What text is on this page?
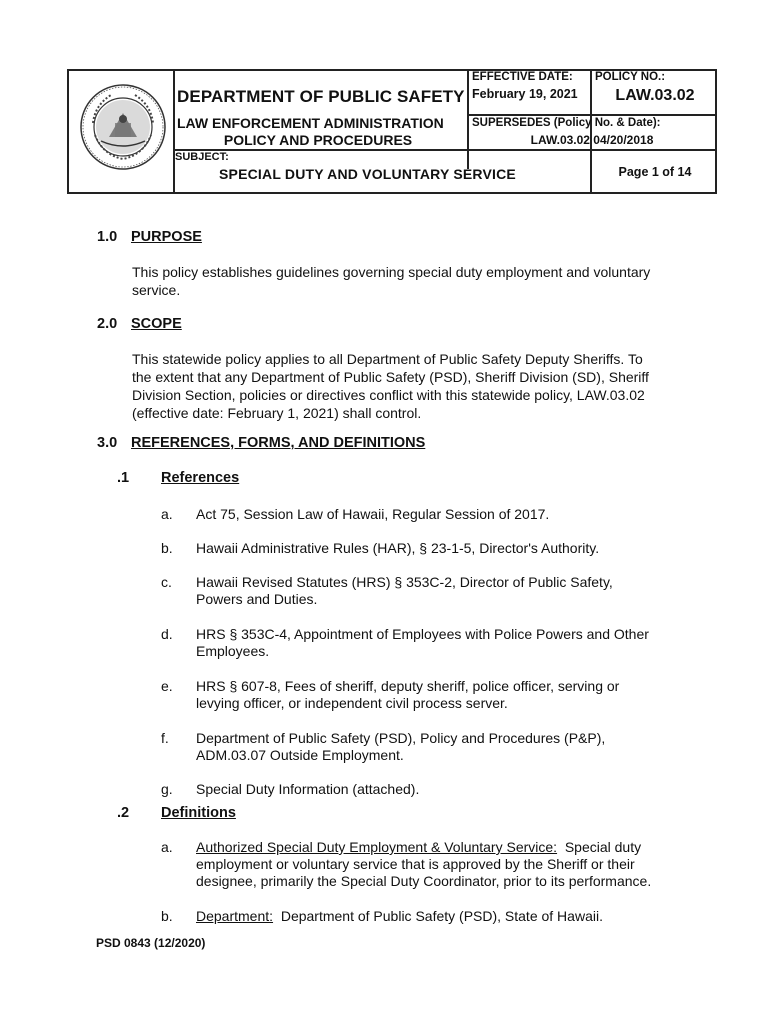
DEPARTMENT OF PUBLIC SAFETY
LAW ENFORCEMENT ADMINISTRATION
POLICY AND PROCEDURES
EFFECTIVE DATE:
February 19, 2021
POLICY NO.:
LAW.03.02
SUPERSEDES (Policy No. & Date):
LAW.03.02 04/20/2018
SUBJECT:
SPECIAL DUTY AND VOLUNTARY SERVICE	Page 1 of 14
1.0 PURPOSE
This policy establishes guidelines governing special duty employment and voluntary
service.
2.0 SCOPE
This statewide policy applies to all Department of Public Safety Deputy Sheriffs. To
the extent that any Department of Public Safety (PSD), Sheriff Division (SD), Sheriff
Division Section, policies or directives conflict with this statewide policy, LAW.03.02
(effective date: February 1, 2021) shall control.
3.0 REFERENCES, FORMS, AND DEFINITIONS
.1 References
a. Act 75, Session Law of Hawaii, Regular Session of 2017.
b. Hawaii Administrative Rules (HAR), § 23-1-5, Director's Authority.
c. Hawaii Revised Statutes (HRS) § 353C-2, Director of Public Safety,
Powers and Duties.
d. HRS § 353C-4, Appointment of Employees with Police Powers and Other
Employees.
e. HRS § 607-8, Fees of sheriff, deputy sheriff, police officer, serving or
levying officer, or independent civil process server.
f. Department of Public Safety (PSD), Policy and Procedures (P&P),
ADM.03.07 Outside Employment.
g. Special Duty Information (attached).
.2 Definitions
a. Authorized Special Duty Employment & Voluntary Service: Special duty
employment or voluntary service that is approved by the Sheriff or their
designee, primarily the Special Duty Coordinator, prior to its performance.
b. Department: Department of Public Safety (PSD), State of Hawaii.
PSD 0843 (12/2020)
